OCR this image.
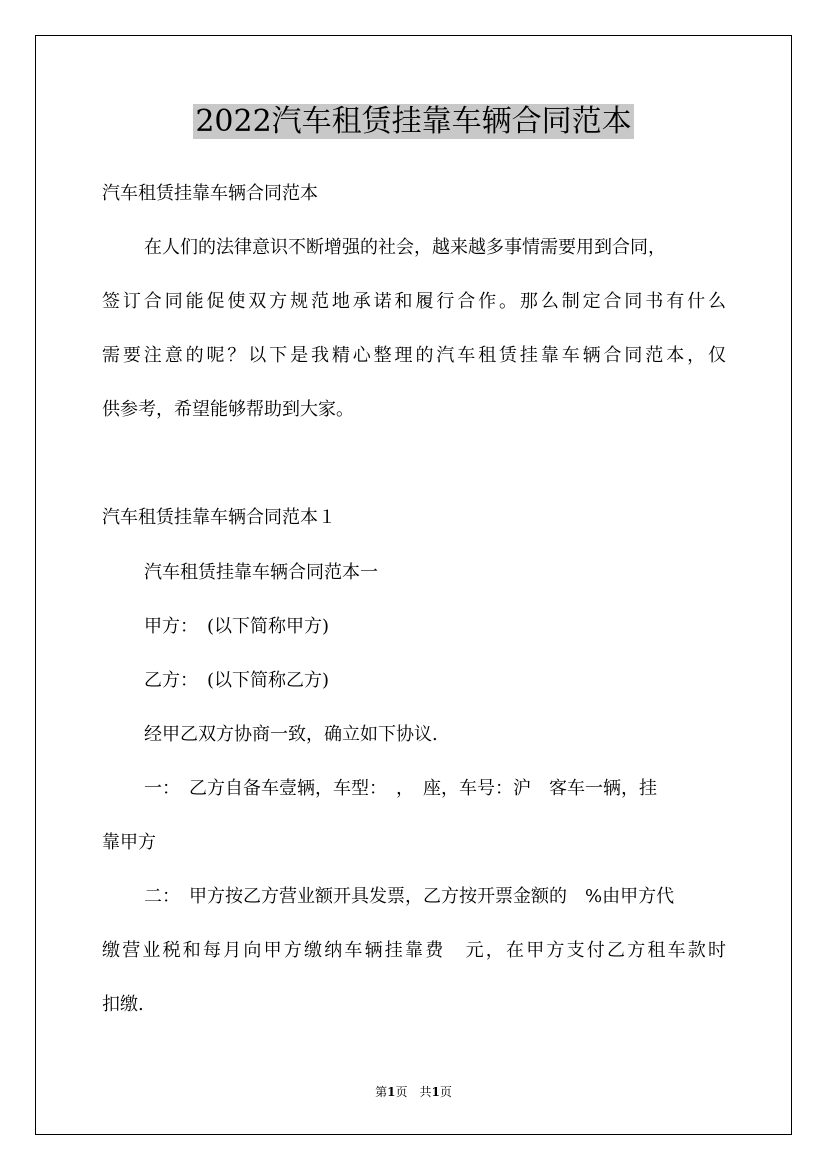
2022汽车租赁挂靠车辆合同范本

汽车租赁挂靠车辆合同范本

在人们的法律意识不断增强的社会，越来越多事情需要用到合同，

签订合同能促使双方规范地承诺和履行合作。那么制定合同书有什么

需要注意的呢？以下是我精心整理的汽车租赁挂靠车辆合同范本，仅

供参考，希望能够帮助到大家。

汽车租赁挂靠车辆合同范本１

汽车租赁挂靠车辆合同范本一

甲方：　(以下简称甲方)

乙方：　(以下简称乙方)

经甲乙双方协商一致，确立如下协议.

一：　乙方自备车壹辆，车型：　，　座，车号：沪　客车一辆，挂

靠甲方

二：　甲方按乙方营业额开具发票，乙方按开票金额的　%由甲方代

缴营业税和每月向甲方缴纳车辆挂靠费　元，在甲方支付乙方租车款时

扣缴.

第1页　共1页
